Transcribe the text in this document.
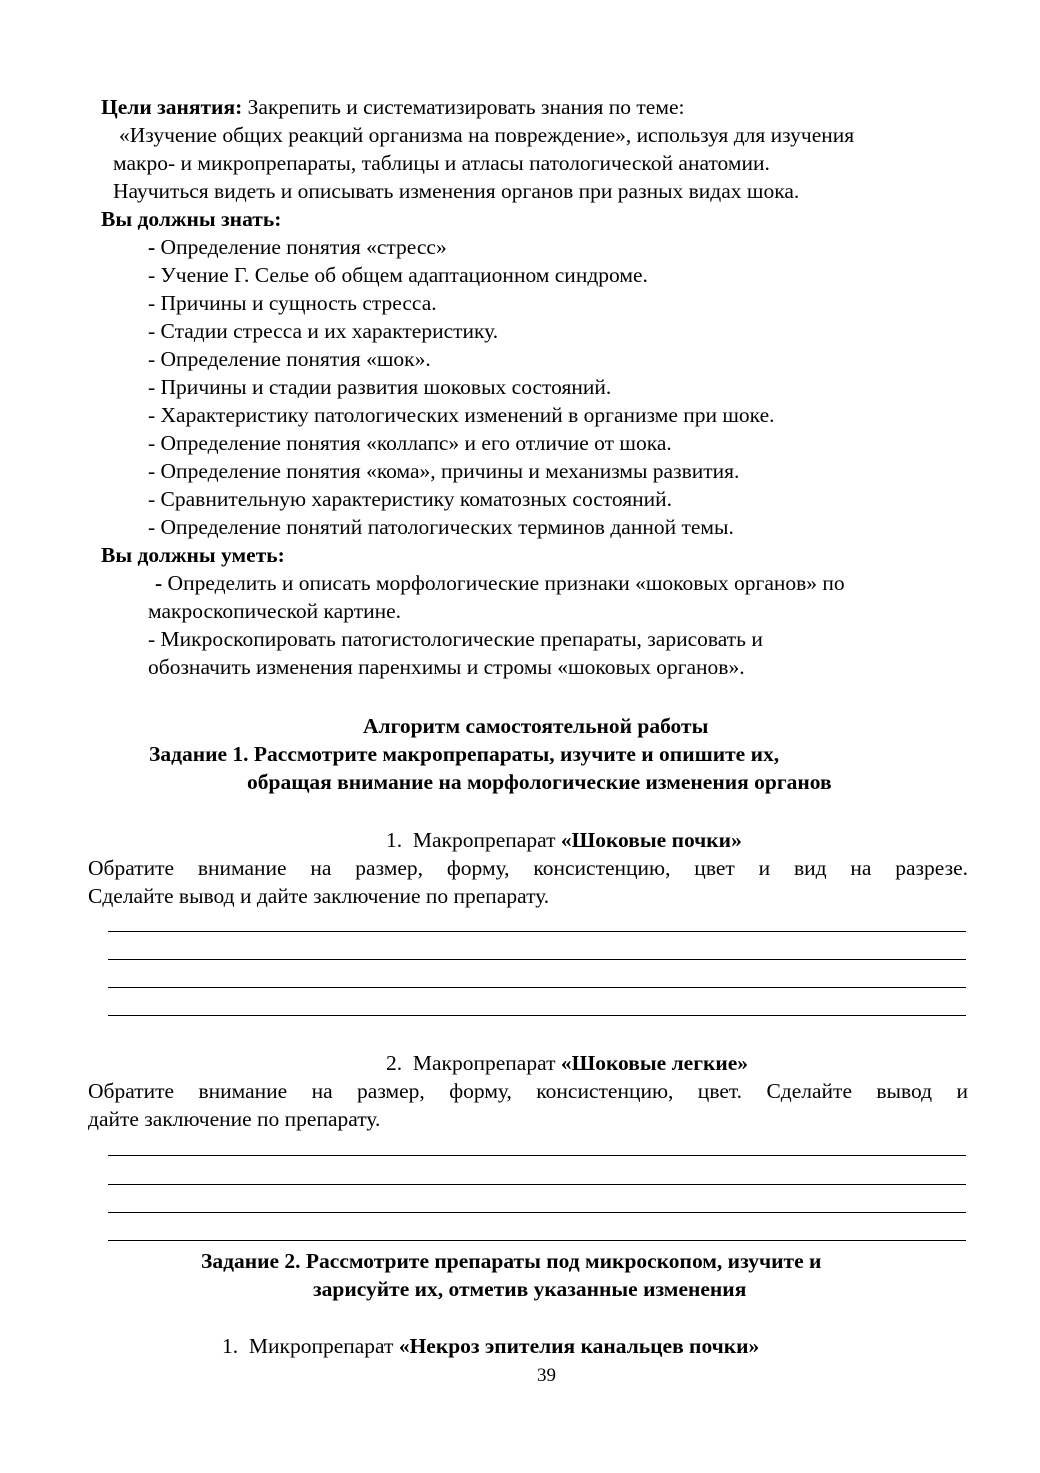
Цели занятия: Закрепить и систематизировать знания по теме:
«Изучение общих реакций организма на повреждение», используя для изучения
макро- и микропрепараты, таблицы и атласы патологической анатомии.
Научиться видеть и описывать изменения органов при разных видах шока.
Вы должны знать:
- Определение понятия «стресс»
- Учение Г. Селье об общем адаптационном синдроме.
- Причины и сущность стресса.
- Стадии стресса и их характеристику.
- Определение понятия «шок».
- Причины и стадии развития шоковых состояний.
- Характеристику патологических изменений в организме при шоке.
- Определение понятия «коллапс» и его отличие от шока.
- Определение понятия «кома», причины и механизмы развития.
- Сравнительную характеристику коматозных состояний.
- Определение понятий патологических терминов данной темы.
Вы должны уметь:
- Определить и описать морфологические признаки «шоковых органов» по
макроскопической картине.
- Микроскопировать патогистологические препараты, зарисовать и
обозначить изменения паренхимы и стромы «шоковых органов».
Алгоритм самостоятельной работы
Задание 1. Рассмотрите макропрепараты, изучите и опишите их,
обращая внимание на морфологические изменения органов
1. Макропрепарат «Шоковые почки»
Обратите внимание на размер, форму, консистенцию, цвет и вид на разрезе.
Сделайте вывод и дайте заключение по препарату.
2. Макропрепарат «Шоковые легкие»
Обратите внимание на размер, форму, консистенцию, цвет. Сделайте вывод и
дайте заключение по препарату.
Задание 2. Рассмотрите препараты под микроскопом, изучите и
зарисуйте их, отметив указанные изменения
1. Микропрепарат «Некроз эпителия канальцев почки»
39
